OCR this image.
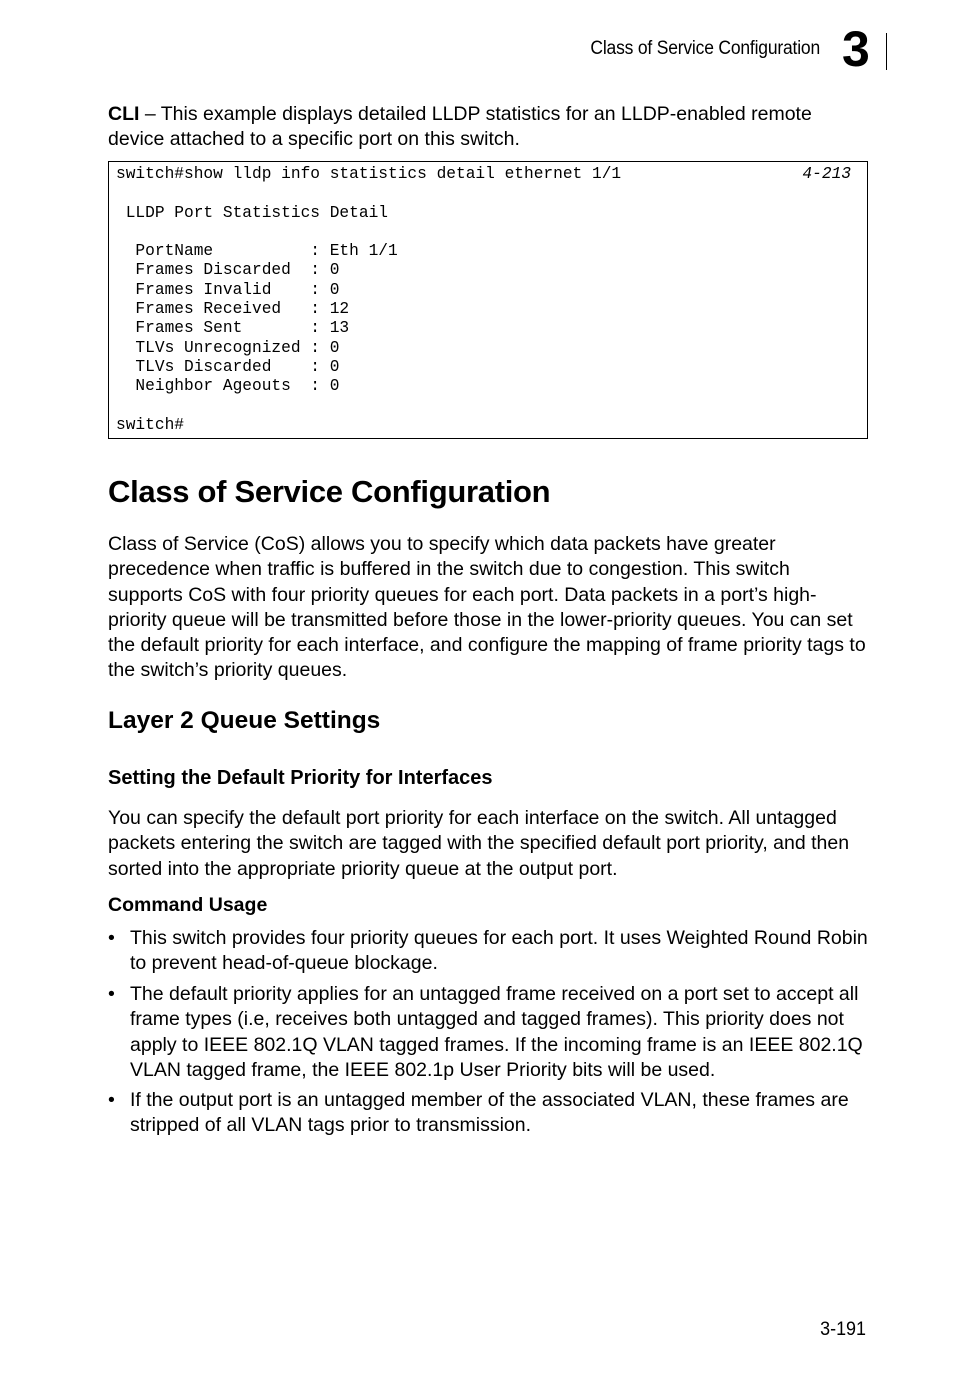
Class of Service Configuration 3
CLI – This example displays detailed LLDP statistics for an LLDP-enabled remote device attached to a specific port on this switch.
switch#show lldp info statistics detail ethernet 1/1

LLDP Port Statistics Detail

PortName          : Eth 1/1
Frames Discarded  : 0
Frames Invalid    : 0
Frames Received   : 12
Frames Sent       : 13
TLVs Unrecognized : 0
TLVs Discarded    : 0
Neighbor Ageouts  : 0

switch#
4-213
Class of Service Configuration
Class of Service (CoS) allows you to specify which data packets have greater precedence when traffic is buffered in the switch due to congestion. This switch supports CoS with four priority queues for each port. Data packets in a port’s high-priority queue will be transmitted before those in the lower-priority queues. You can set the default priority for each interface, and configure the mapping of frame priority tags to the switch’s priority queues.
Layer 2 Queue Settings
Setting the Default Priority for Interfaces
You can specify the default port priority for each interface on the switch. All untagged packets entering the switch are tagged with the specified default port priority, and then sorted into the appropriate priority queue at the output port.
Command Usage
• This switch provides four priority queues for each port. It uses Weighted Round Robin to prevent head-of-queue blockage.
• The default priority applies for an untagged frame received on a port set to accept all frame types (i.e, receives both untagged and tagged frames). This priority does not apply to IEEE 802.1Q VLAN tagged frames. If the incoming frame is an IEEE 802.1Q VLAN tagged frame, the IEEE 802.1p User Priority bits will be used.
• If the output port is an untagged member of the associated VLAN, these frames are stripped of all VLAN tags prior to transmission.
3-191
